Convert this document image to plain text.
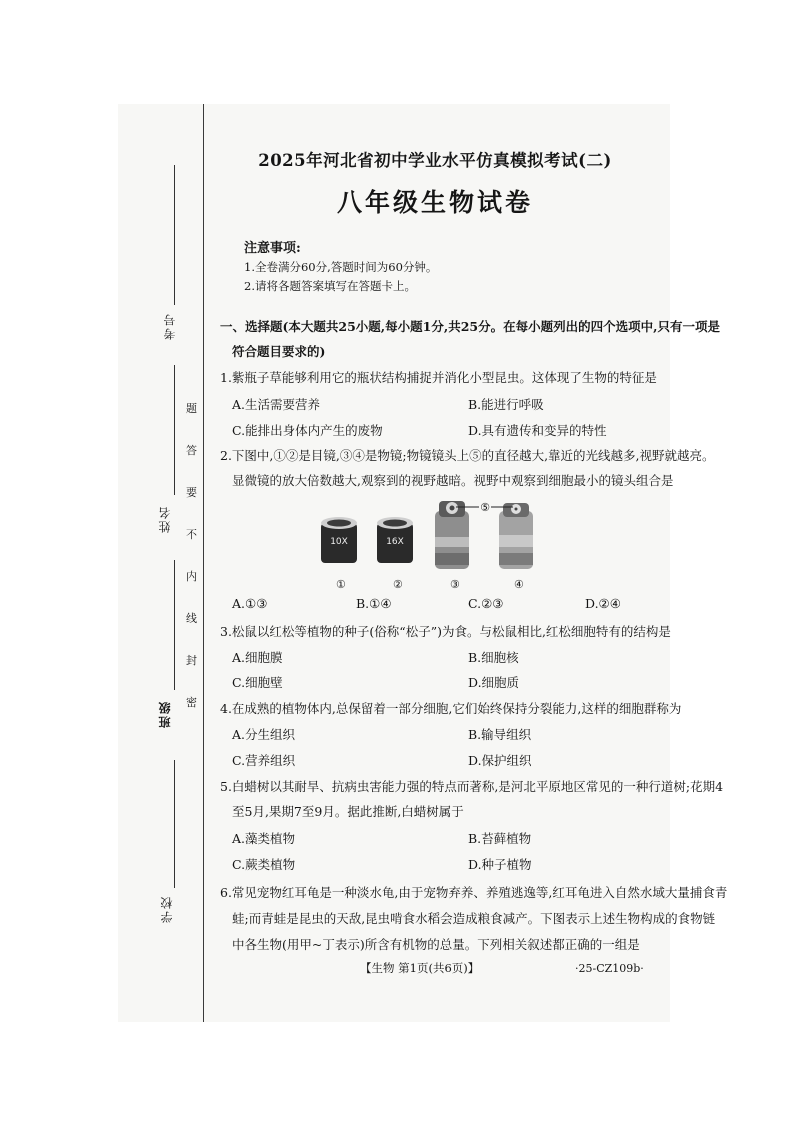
考号
姓名
班级
学校
题
答
要
不
内
线
封
密
2025年河北省初中学业水平仿真模拟考试(二)
八年级生物试卷
注意事项:
1.全卷满分60分,答题时间为60分钟。
2.请将各题答案填写在答题卡上。
一、选择题(本大题共25小题,每小题1分,共25分。在每小题列出的四个选项中,只有一项是
符合题目要求的)
1.紫瓶子草能够利用它的瓶状结构捕捉并消化小型昆虫。这体现了生物的特征是
A.生活需要营养	B.能进行呼吸
C.能排出身体内产生的废物	D.具有遗传和变异的特性
2.下图中,①②是目镜,③④是物镜;物镜镜头上⑤的直径越大,靠近的光线越多,视野就越亮。
显微镜的放大倍数越大,观察到的视野越暗。视野中观察到细胞最小的镜头组合是
10X	16X
⑤
①	②	③	④
A.①③	B.①④	C.②③	D.②④
3.松鼠以红松等植物的种子(俗称“松子”)为食。与松鼠相比,红松细胞特有的结构是
A.细胞膜	B.细胞核
C.细胞壁	D.细胞质
4.在成熟的植物体内,总保留着一部分细胞,它们始终保持分裂能力,这样的细胞群称为
A.分生组织	B.输导组织
C.营养组织	D.保护组织
5.白蜡树以其耐旱、抗病虫害能力强的特点而著称,是河北平原地区常见的一种行道树;花期4
至5月,果期7至9月。据此推断,白蜡树属于
A.藻类植物	B.苔藓植物
C.蕨类植物	D.种子植物
6.常见宠物红耳龟是一种淡水龟,由于宠物弃养、养殖逃逸等,红耳龟进入自然水域大量捕食青
蛙;而青蛙是昆虫的天敌,昆虫啃食水稻会造成粮食减产。下图表示上述生物构成的食物链
中各生物(用甲~丁表示)所含有机物的总量。下列相关叙述都正确的一组是
【生物 第1页(共6页)】	·25-CZ109b·
